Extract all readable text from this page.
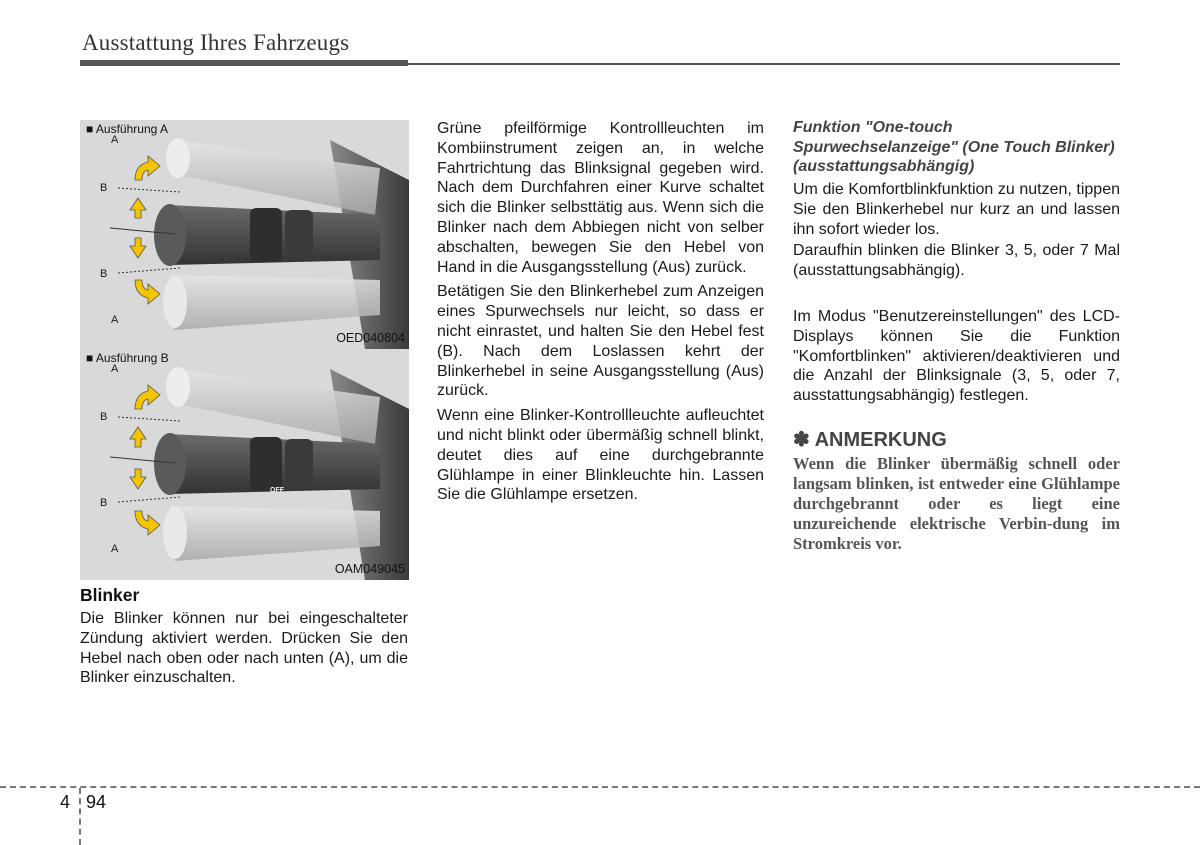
Ausstattung Ihres Fahrzeugs
A
B
B
A
■ Ausführung A
OED040804
OFF
A
B
B
A
■ Ausführung B
OAM049045
Blinker

Die Blinker können nur bei eingeschalteter Zündung aktiviert werden. Drücken Sie den Hebel nach oben oder nach unten (A), um die Blinker einzuschalten.

Grüne pfeilförmige Kontrollleuchten im Kombiinstrument zeigen an, in welche Fahrtrichtung das Blinksignal gegeben wird. Nach dem Durchfahren einer Kurve schaltet sich die Blinker selbsttätig aus. Wenn sich die Blinker nach dem Abbiegen nicht von selber abschalten, bewegen Sie den Hebel von Hand in die Ausgangsstellung (Aus) zurück.

Betätigen Sie den Blinkerhebel zum Anzeigen eines Spurwechsels nur leicht, so dass er nicht einrastet, und halten Sie den Hebel fest (B). Nach dem Loslassen kehrt der Blinkerhebel in seine Ausgangsstellung (Aus) zurück.

Wenn eine Blinker-Kontrollleuchte aufleuchtet und nicht blinkt oder übermäßig schnell blinkt, deutet dies auf eine durchgebrannte Glühlampe in einer Blinkleuchte hin. Lassen Sie die Glühlampe ersetzen.

Funktion "One-touch Spurwechselanzeige" (One Touch Blinker) (ausstattungsabhängig)

Um die Komfortblinkfunktion zu nutzen, tippen Sie den Blinkerhebel nur kurz an und lassen ihn sofort wieder los.

Daraufhin blinken die Blinker 3, 5, oder 7 Mal (ausstattungsabhängig).

Im Modus "Benutzereinstellungen" des LCD-Displays können Sie die Funktion "Komfortblinken" aktivieren/deaktivieren und die Anzahl der Blinksignale (3, 5, oder 7, ausstattungsabhängig) festlegen.

✽ ANMERKUNG

Wenn die Blinker übermäßig schnell oder langsam blinken, ist entweder eine Glühlampe durchgebrannt oder es liegt eine unzureichende elektrische Verbin-dung im Stromkreis vor.

4 94
